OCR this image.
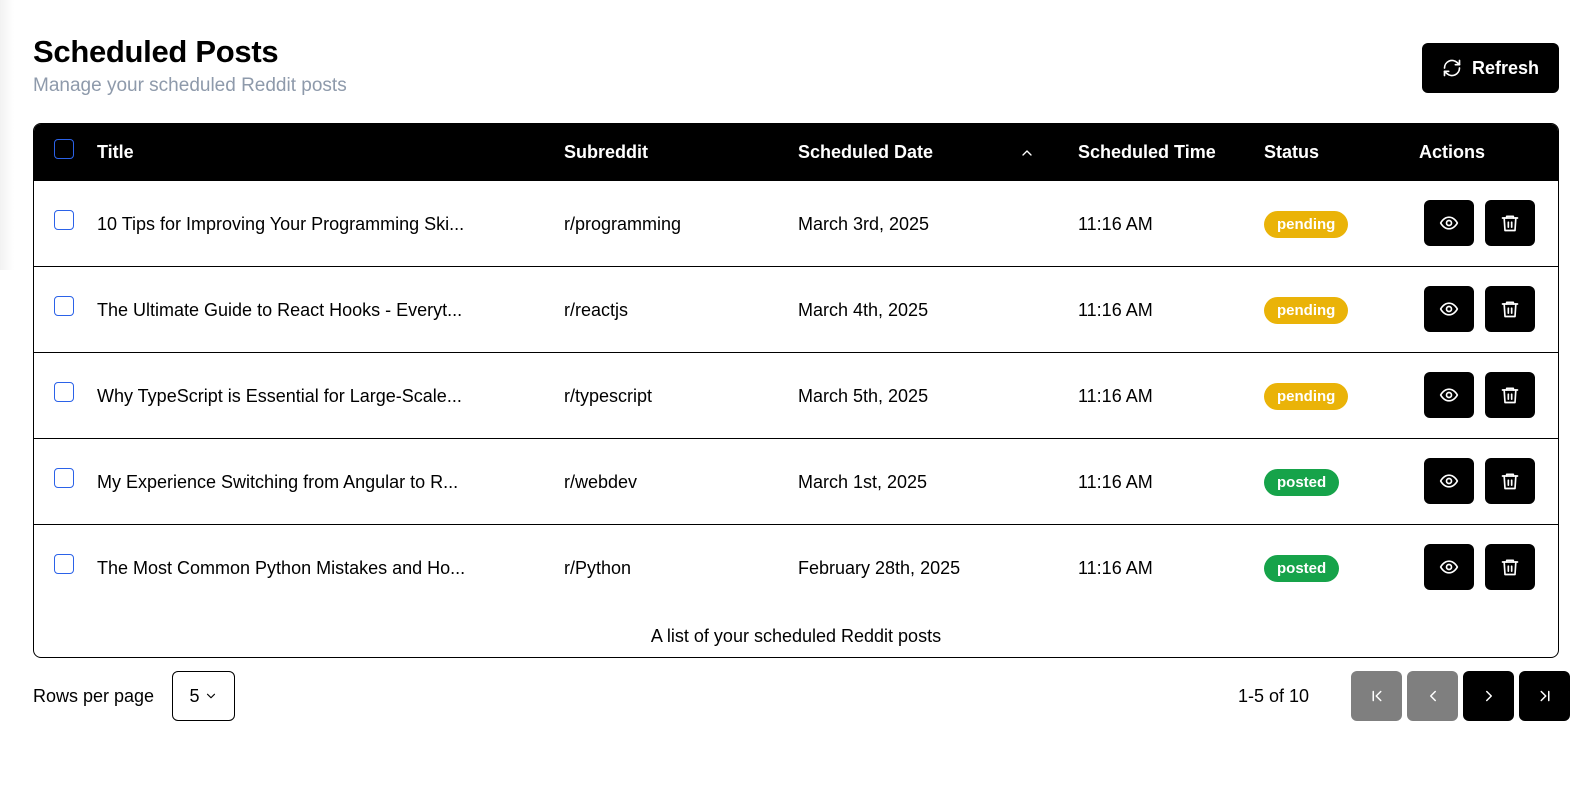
Scheduled Posts

Manage your scheduled Reddit posts

Refresh
Title	Subreddit	Scheduled Date	Scheduled Time	Status	Actions
10 Tips for Improving Your Programming Ski...	r/programming	March 3rd, 2025	11:16 AM	pending
The Ultimate Guide to React Hooks - Everyt...	r/reactjs	March 4th, 2025	11:16 AM	pending
Why TypeScript is Essential for Large-Scale...	r/typescript	March 5th, 2025	11:16 AM	pending
My Experience Switching from Angular to R...	r/webdev	March 1st, 2025	11:16 AM	posted
The Most Common Python Mistakes and Ho...	r/Python	February 28th, 2025	11:16 AM	posted
A list of your scheduled Reddit posts
Rows per page 5	1-5 of 10
